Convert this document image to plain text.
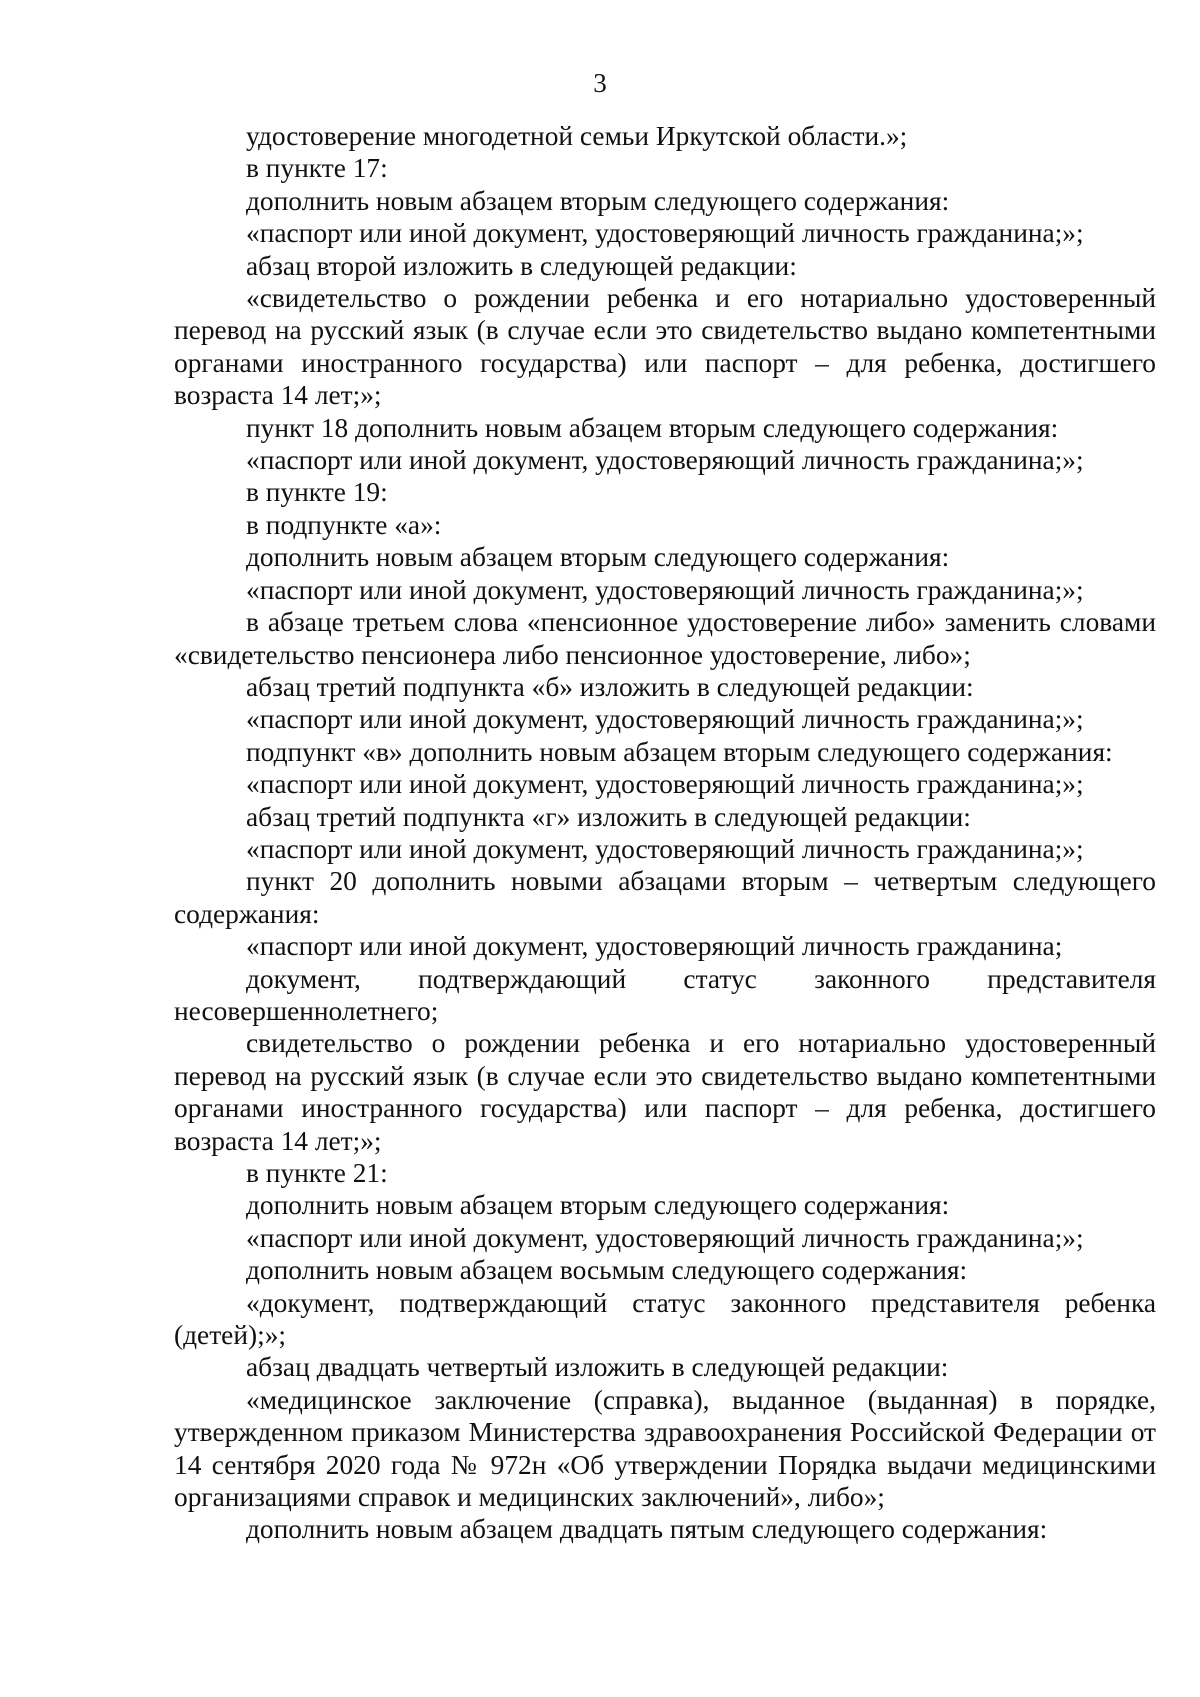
3

удостоверение многодетной семьи Иркутской области.»;

в пункте 17:

дополнить новым абзацем вторым следующего содержания:

«паспорт или иной документ, удостоверяющий личность гражданина;»;

абзац второй изложить в следующей редакции:

«свидетельство о рождении ребенка и его нотариально удостоверенный перевод на русский язык (в случае если это свидетельство выдано компетентными органами иностранного государства) или паспорт – для ребенка, достигшего возраста 14 лет;»;

пункт 18 дополнить новым абзацем вторым следующего содержания:

«паспорт или иной документ, удостоверяющий личность гражданина;»;

в пункте 19:

в подпункте «а»:

дополнить новым абзацем вторым следующего содержания:

«паспорт или иной документ, удостоверяющий личность гражданина;»;

в абзаце третьем слова «пенсионное удостоверение либо» заменить словами «свидетельство пенсионера либо пенсионное удостоверение, либо»;

абзац третий подпункта «б» изложить в следующей редакции:

«паспорт или иной документ, удостоверяющий личность гражданина;»;

подпункт «в» дополнить новым абзацем вторым следующего содержания:

«паспорт или иной документ, удостоверяющий личность гражданина;»;

абзац третий подпункта «г» изложить в следующей редакции:

«паспорт или иной документ, удостоверяющий личность гражданина;»;

пункт 20 дополнить новыми абзацами вторым – четвертым следующего содержания:

«паспорт или иной документ, удостоверяющий личность гражданина;

документ, подтверждающий статус законного представителя несовершеннолетнего;

свидетельство о рождении ребенка и его нотариально удостоверенный перевод на русский язык (в случае если это свидетельство выдано компетентными органами иностранного государства) или паспорт – для ребенка, достигшего возраста 14 лет;»;

в пункте 21:

дополнить новым абзацем вторым следующего содержания:

«паспорт или иной документ, удостоверяющий личность гражданина;»;

дополнить новым абзацем восьмым следующего содержания:

«документ, подтверждающий статус законного представителя ребенка (детей);»;

абзац двадцать четвертый изложить в следующей редакции:

«медицинское заключение (справка), выданное (выданная) в порядке, утвержденном приказом Министерства здравоохранения Российской Федерации от 14 сентября 2020 года № 972н «Об утверждении Порядка выдачи медицинскими организациями справок и медицинских заключений», либо»;

дополнить новым абзацем двадцать пятым следующего содержания:
